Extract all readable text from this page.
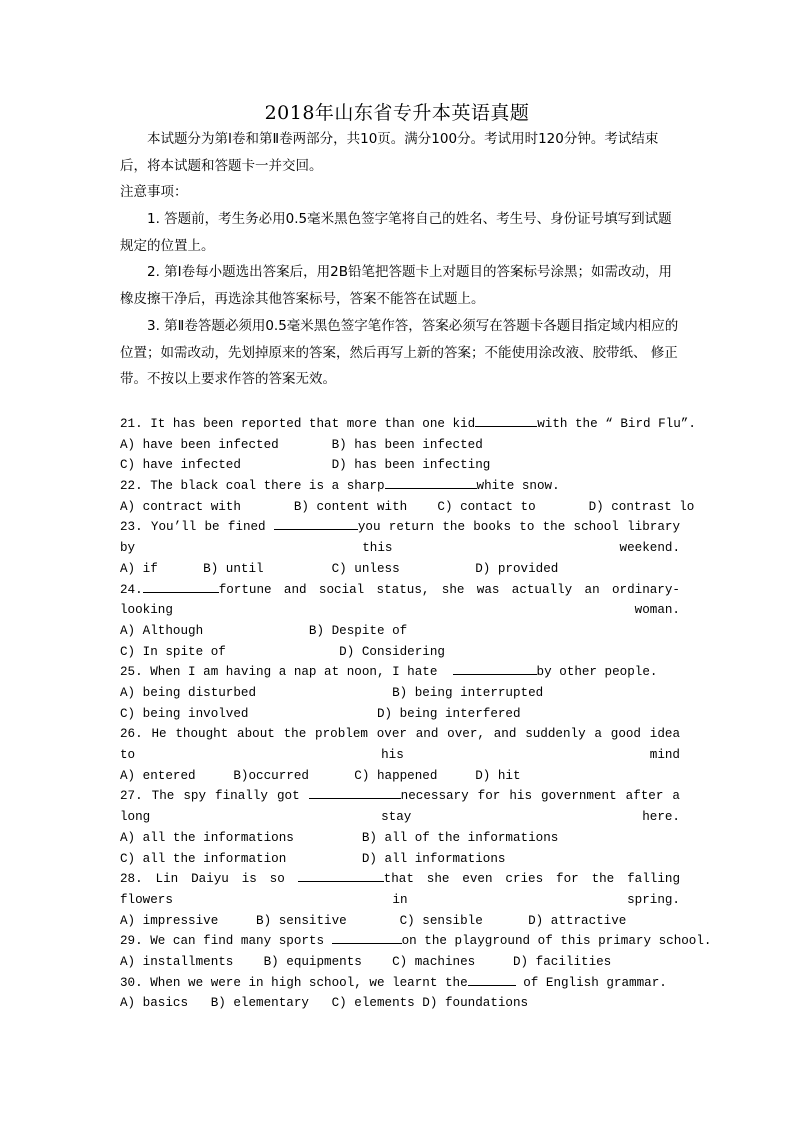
2018年山东省专升本英语真题

本试题分为第Ⅰ卷和第Ⅱ卷两部分，共10页。满分100分。考试用时120分钟。考试结束后，将本试题和答题卡一并交回。

注意事项：

1. 答题前，考生务必用0.5毫米黑色签字笔将自己的姓名、考生号、身份证号填写到试题规定的位置上。

2. 第Ⅰ卷每小题选出答案后，用2B铅笔把答题卡上对题目的答案标号涂黑；如需改动，用橡皮擦干净后，再选涂其他答案标号，答案不能答在试题上。

3. 第Ⅱ卷答题必须用0.5毫米黑色签字笔作答，答案必须写在答题卡各题目指定域内相应的位置；如需改动，先划掉原来的答案，然后再写上新的答案；不能使用涂改液、胶带纸、 修正带。不按以上要求作答的答案无效。

21. It has been reported that more than one kid	with the “ Bird Flu”.
A) have been infected       B) has been infected
C) have infected            D) has been infecting
22. The black coal there is a sharp	white snow.
A) contract with       B) content with    C) contact to       D) contrast lo
23. You’ll be fined	you return the books to the school library by this weekend.
A) if      B) until         C) unless          D) provided
24.	fortune and social status, she was actually an ordinary-looking woman.
A) Although              B) Despite of
C) In spite of               D) Considering
25. When I am having a nap at noon, I hate	by other people.
A) being disturbed                  B) being interrupted
C) being involved                 D) being interfered
26. He thought about the problem over and over, and suddenly a good idea to his mind
A) entered     B)occurred      C) happened     D) hit
27. The spy finally got	necessary for his government after a long stay here.
A) all the informations         B) all of the informations
C) all the information          D) all informations
28. Lin Daiyu is so	that she even cries for the falling flowers in spring.
A) impressive     B) sensitive       C) sensible      D) attractive
29. We can find many sports	on the playground of this primary school.
A) installments    B) equipments    C) machines     D) facilities
30. When we were in high school, we learnt the	of English grammar.
A) basics   B) elementary   C) elements D) foundations
